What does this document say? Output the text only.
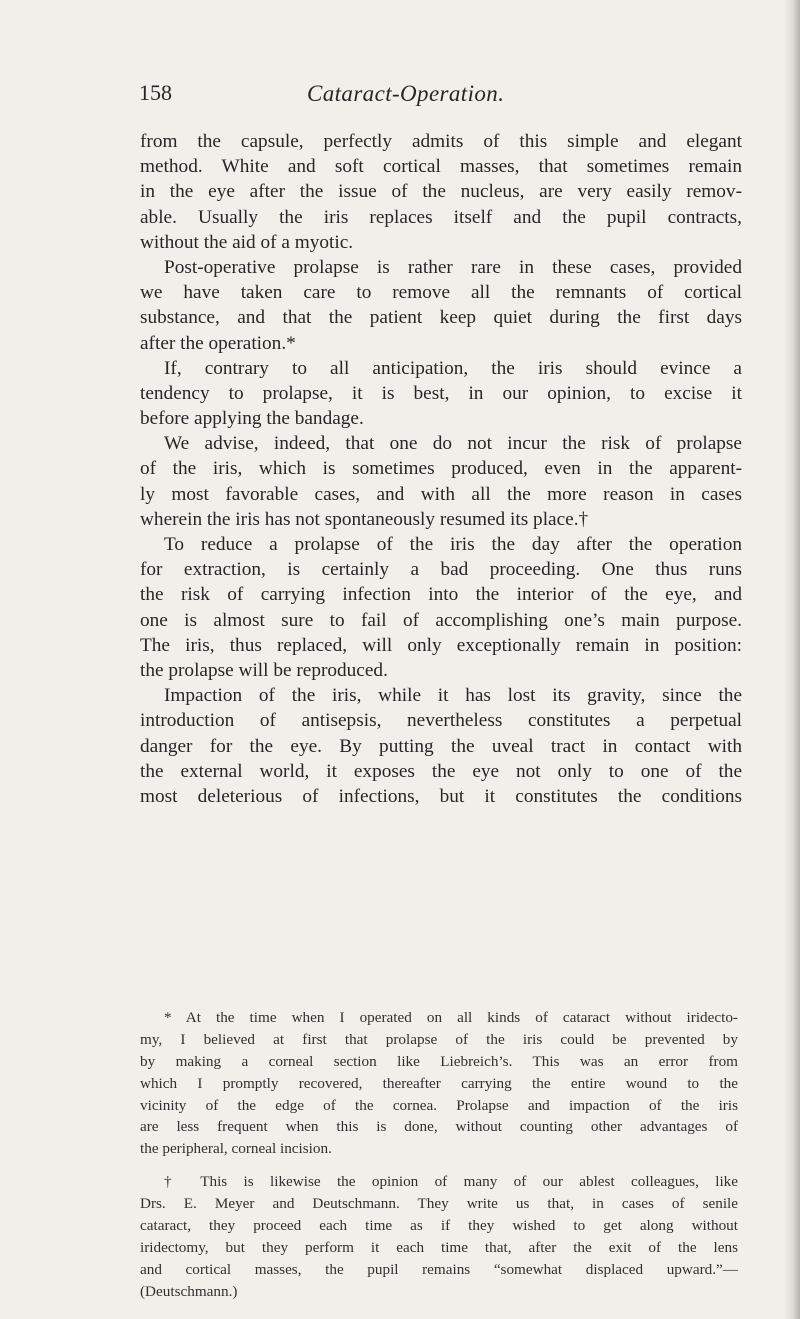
158	Cataract-Operation.
from the capsule, perfectly admits of this simple and elegant
method. White and soft cortical masses, that sometimes remain
in the eye after the issue of the nucleus, are very easily remov-
able. Usually the iris replaces itself and the pupil contracts,
without the aid of a myotic.
Post-operative prolapse is rather rare in these cases, provided
we have taken care to remove all the remnants of cortical
substance, and that the patient keep quiet during the first days
after the operation.*
If, contrary to all anticipation, the iris should evince a
tendency to prolapse, it is best, in our opinion, to excise it
before applying the bandage.
We advise, indeed, that one do not incur the risk of prolapse
of the iris, which is sometimes produced, even in the apparent-
ly most favorable cases, and with all the more reason in cases
wherein the iris has not spontaneously resumed its place.†
To reduce a prolapse of the iris the day after the operation
for extraction, is certainly a bad proceeding. One thus runs
the risk of carrying infection into the interior of the eye, and
one is almost sure to fail of accomplishing one’s main purpose.
The iris, thus replaced, will only exceptionally remain in position:
the prolapse will be reproduced.
Impaction of the iris, while it has lost its gravity, since the
introduction of antisepsis, nevertheless constitutes a perpetual
danger for the eye. By putting the uveal tract in contact with
the external world, it exposes the eye not only to one of the
most deleterious of infections, but it constitutes the conditions
* At the time when I operated on all kinds of cataract without iridecto-
my, I believed at first that prolapse of the iris could be prevented by
by making a corneal section like Liebreich’s. This was an error from
which I promptly recovered, thereafter carrying the entire wound to the
vicinity of the edge of the cornea. Prolapse and impaction of the iris
are less frequent when this is done, without counting other advantages of
the peripheral, corneal incision.
† This is likewise the opinion of many of our ablest colleagues, like
Drs. E. Meyer and Deutschmann. They write us that, in cases of senile
cataract, they proceed each time as if they wished to get along without
iridectomy, but they perform it each time that, after the exit of the lens
and cortical masses, the pupil remains “somewhat displaced upward.”—
(Deutschmann.)
